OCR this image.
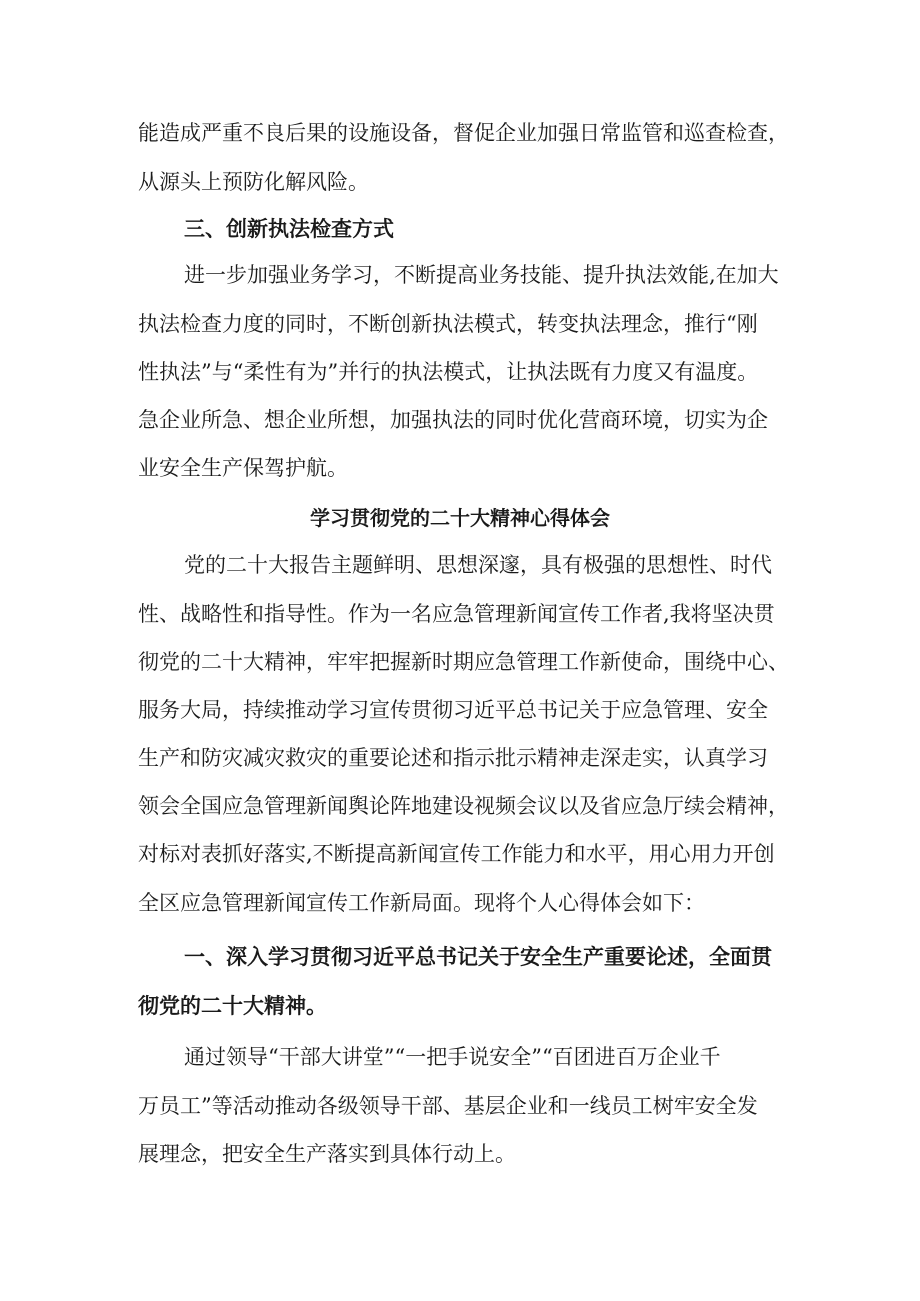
能造成严重不良后果的设施设备，督促企业加强日常监管和巡查检查，
从源头上预防化解风险。
三、创新执法检查方式
进一步加强业务学习，不断提高业务技能、提升执法效能,在加大
执法检查力度的同时，不断创新执法模式，转变执法理念，推行“刚
性执法”与“柔性有为”并行的执法模式，让执法既有力度又有温度。
急企业所急、想企业所想，加强执法的同时优化营商环境，切实为企
业安全生产保驾护航。
学习贯彻党的二十大精神心得体会
党的二十大报告主题鲜明、思想深邃，具有极强的思想性、时代
性、战略性和指导性。作为一名应急管理新闻宣传工作者,我将坚决贯
彻党的二十大精神，牢牢把握新时期应急管理工作新使命，围绕中心、
服务大局，持续推动学习宣传贯彻习近平总书记关于应急管理、安全
生产和防灾减灾救灾的重要论述和指示批示精神走深走实，认真学习
领会全国应急管理新闻舆论阵地建设视频会议以及省应急厅续会精神，
对标对表抓好落实,不断提高新闻宣传工作能力和水平，用心用力开创
全区应急管理新闻宣传工作新局面。现将个人心得体会如下：
一、深入学习贯彻习近平总书记关于安全生产重要论述，全面贯
彻党的二十大精神。
通过领导“干部大讲堂”“一把手说安全”“百团进百万企业千
万员工”等活动推动各级领导干部、基层企业和一线员工树牢安全发
展理念，把安全生产落实到具体行动上。
